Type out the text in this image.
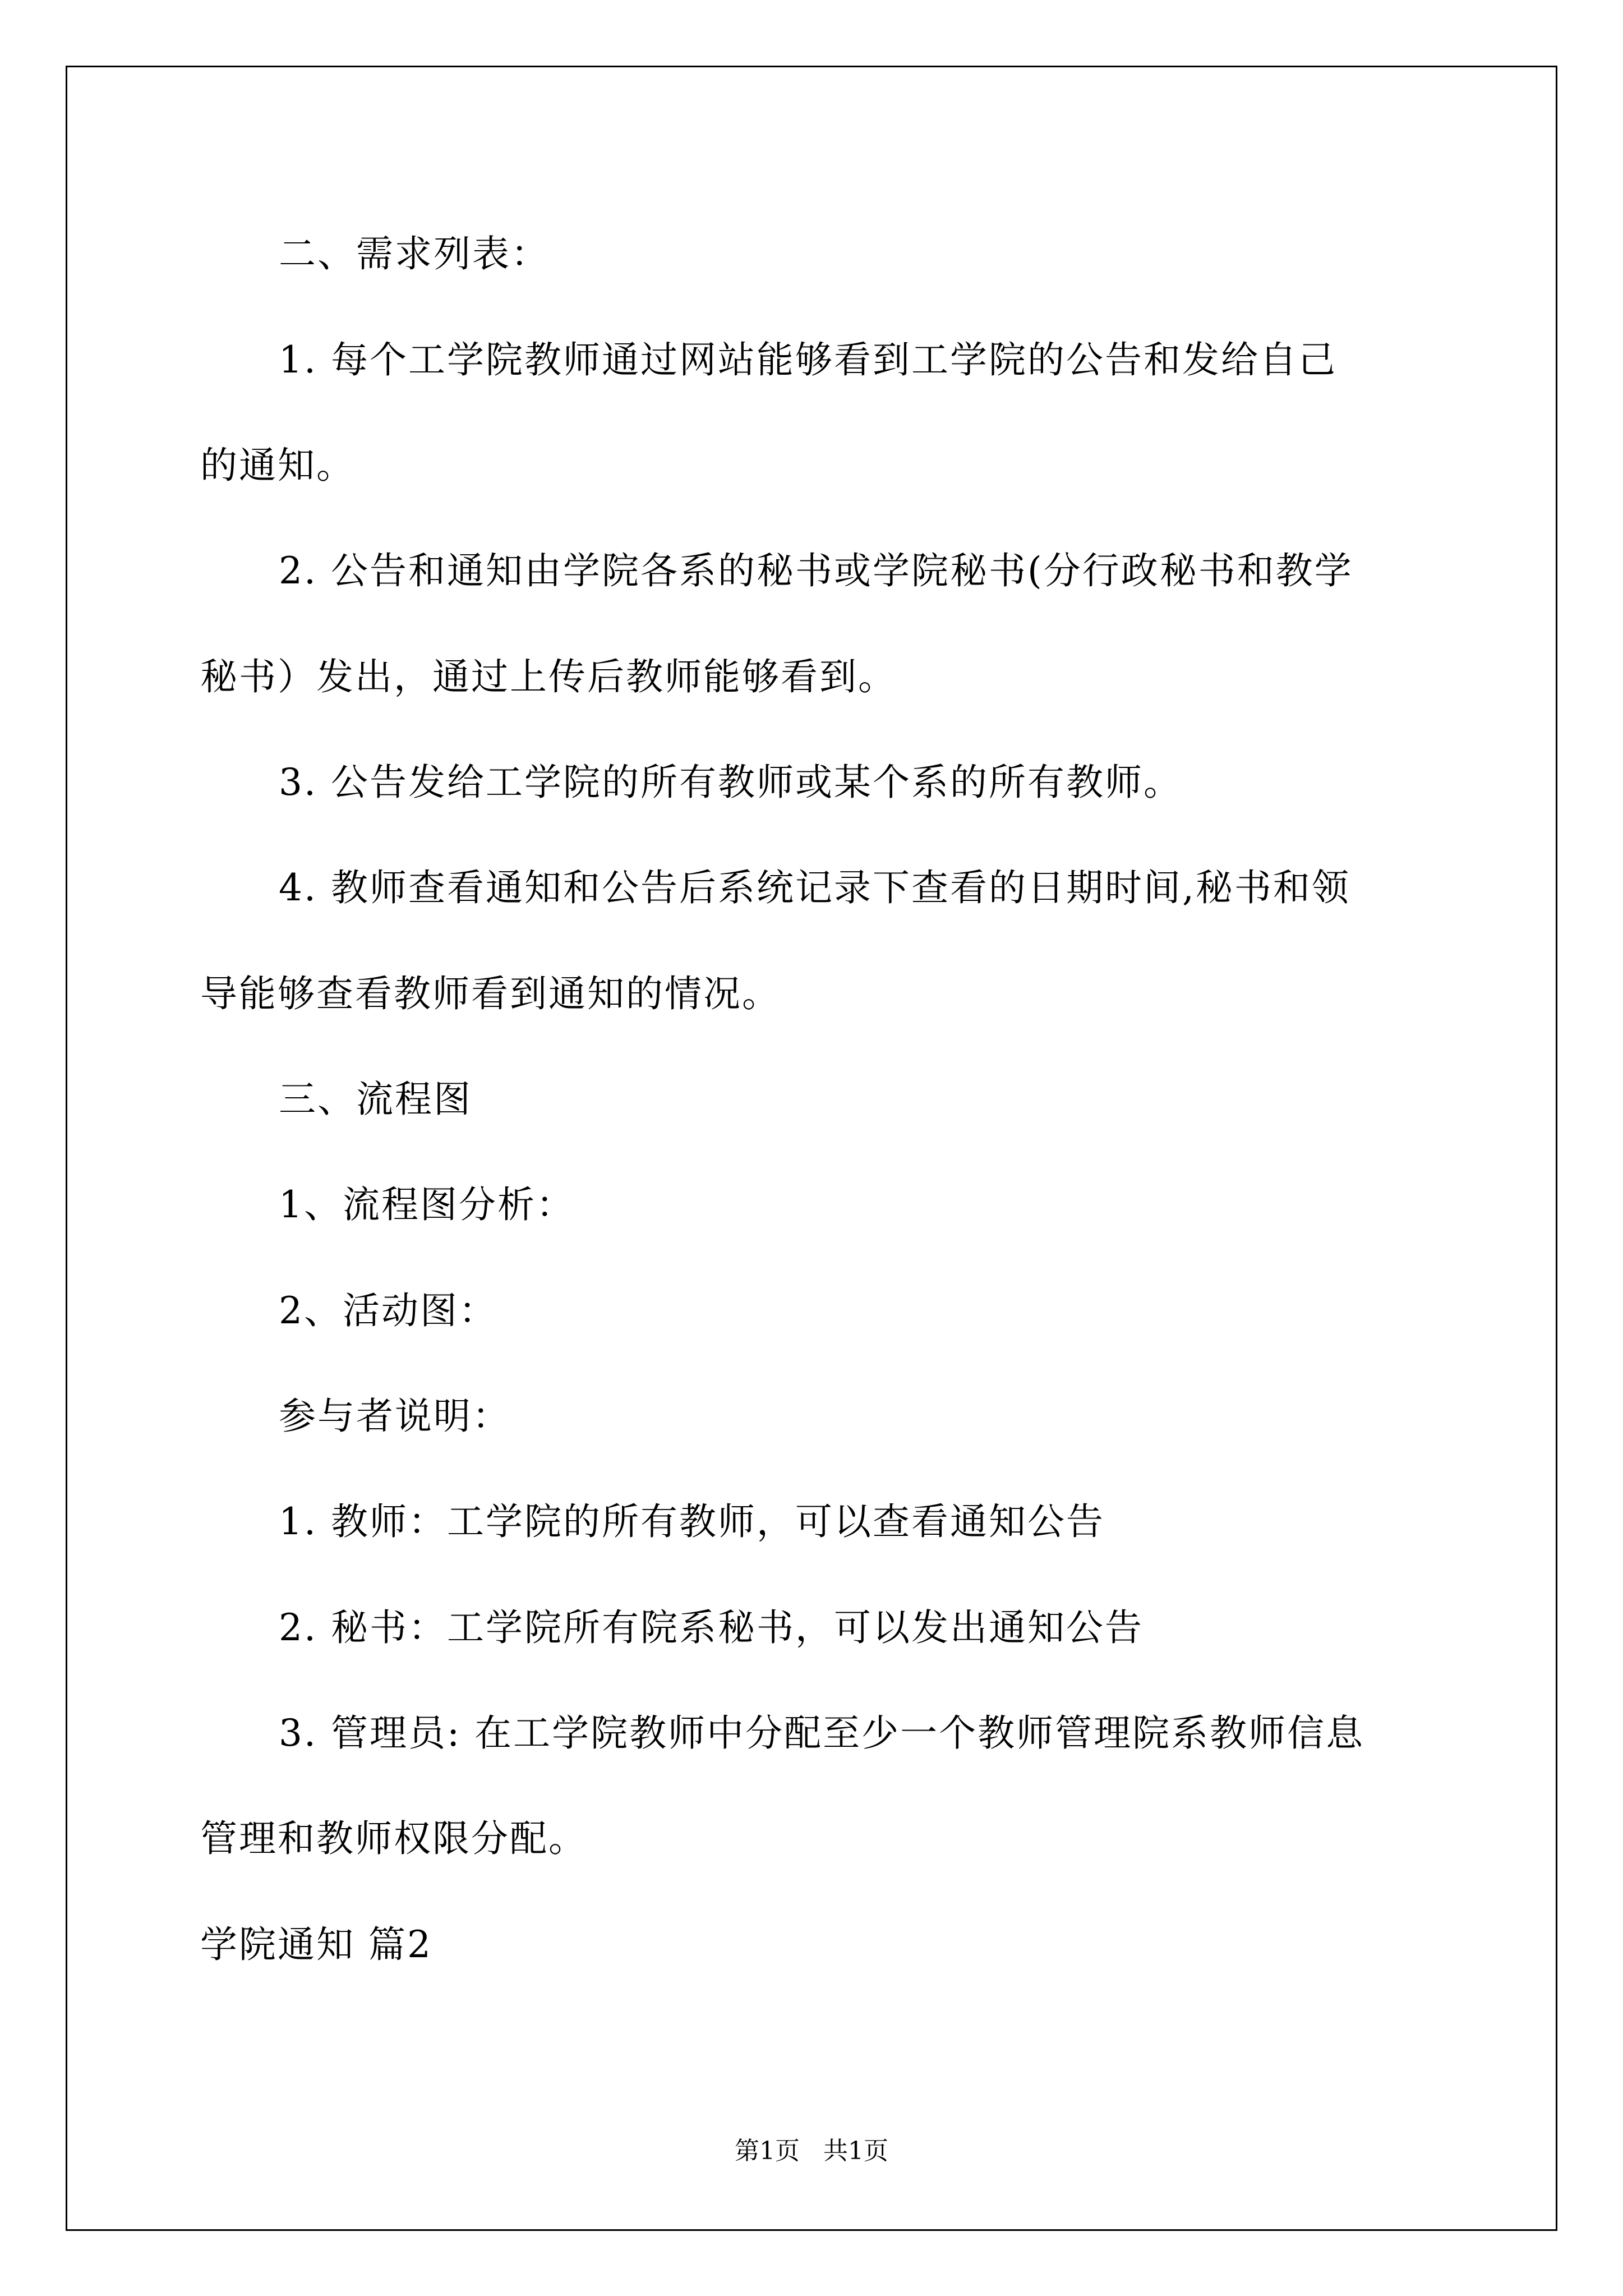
二、需求列表：
1. 每个工学院教师通过网站能够看到工学院的公告和发给自己
的通知。
2. 公告和通知由学院各系的秘书或学院秘书(分行政秘书和教学
秘书）发出，通过上传后教师能够看到。
3. 公告发给工学院的所有教师或某个系的所有教师。
4. 教师查看通知和公告后系统记录下查看的日期时间,秘书和领
导能够查看教师看到通知的情况。
三、流程图
1、流程图分析：
2、活动图：
参与者说明：
1. 教师：工学院的所有教师，可以查看通知公告
2. 秘书：工学院所有院系秘书，可以发出通知公告
3. 管理员: 在工学院教师中分配至少一个教师管理院系教师信息
管理和教师权限分配。
学院通知 篇2
第1页   共1页
